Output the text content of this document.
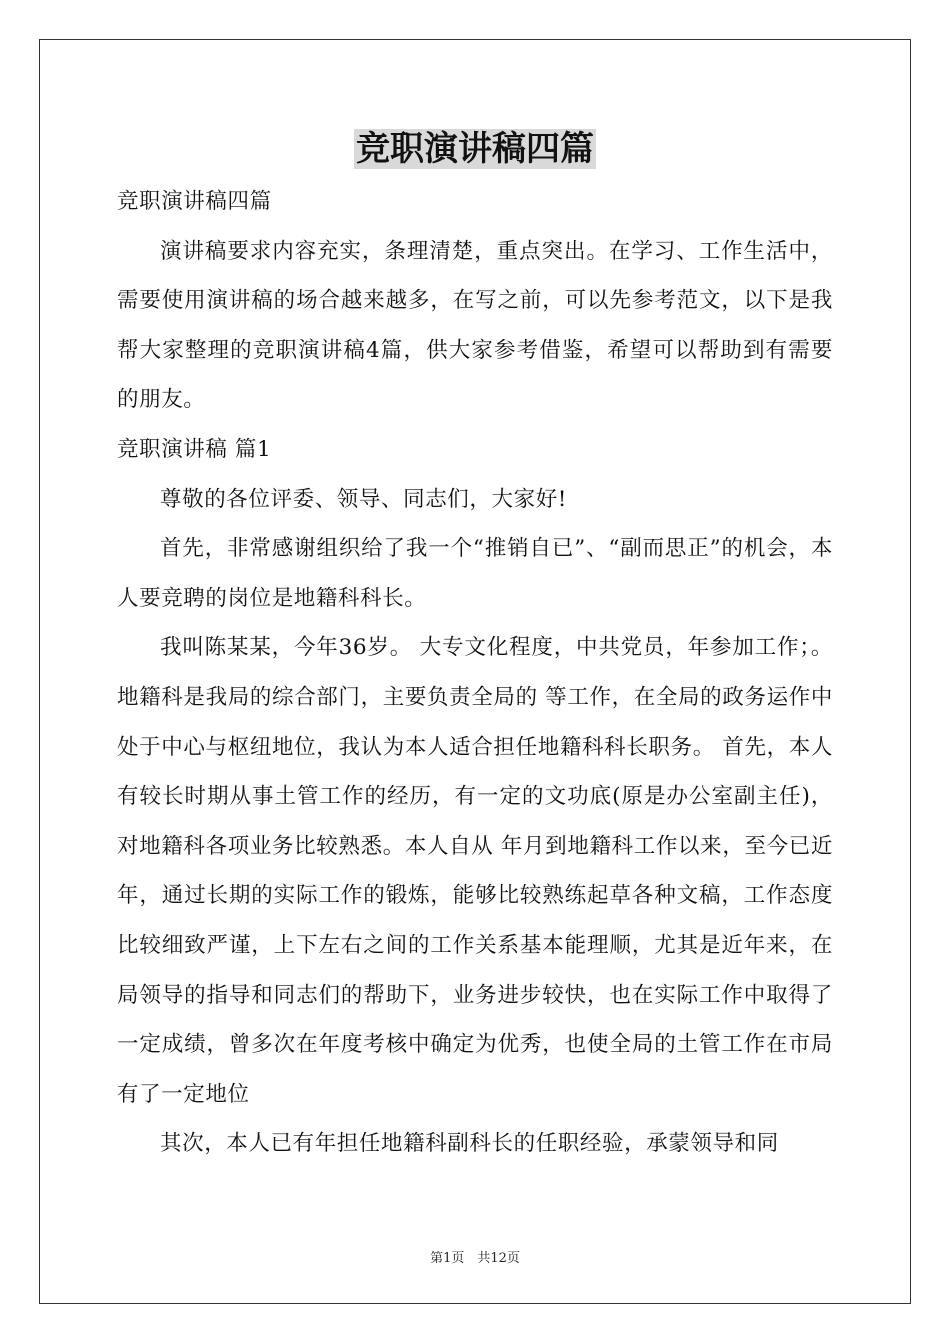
竞职演讲稿四篇

竞职演讲稿四篇

演讲稿要求内容充实，条理清楚，重点突出。在学习、工作生活中，需要使用演讲稿的场合越来越多，在写之前，可以先参考范文，以下是我帮大家整理的竞职演讲稿4篇，供大家参考借鉴，希望可以帮助到有需要的朋友。

竞职演讲稿 篇1

尊敬的各位评委、领导、同志们，大家好!

首先，非常感谢组织给了我一个“推销自已”、“副而思正”的机会，本人要竞聘的岗位是地籍科科长。

我叫陈某某，今年36岁。 大专文化程度，中共党员，年参加工作；。 地籍科是我局的综合部门，主要负责全局的 等工作，在全局的政务运作中处于中心与枢纽地位，我认为本人适合担任地籍科科长职务。 首先，本人有较长时期从事土管工作的经历，有一定的文功底(原是办公室副主任)，对地籍科各项业务比较熟悉。本人自从 年月到地籍科工作以来，至今已近 年，通过长期的实际工作的锻炼，能够比较熟练起草各种文稿，工作态度比较细致严谨，上下左右之间的工作关系基本能理顺，尤其是近年来，在局领导的指导和同志们的帮助下，业务进步较快，也在实际工作中取得了一定成绩，曾多次在年度考核中确定为优秀，也使全局的土管工作在市局有了一定地位

其次，本人已有年担任地籍科副科长的任职经验，承蒙领导和同

第1页　共12页
